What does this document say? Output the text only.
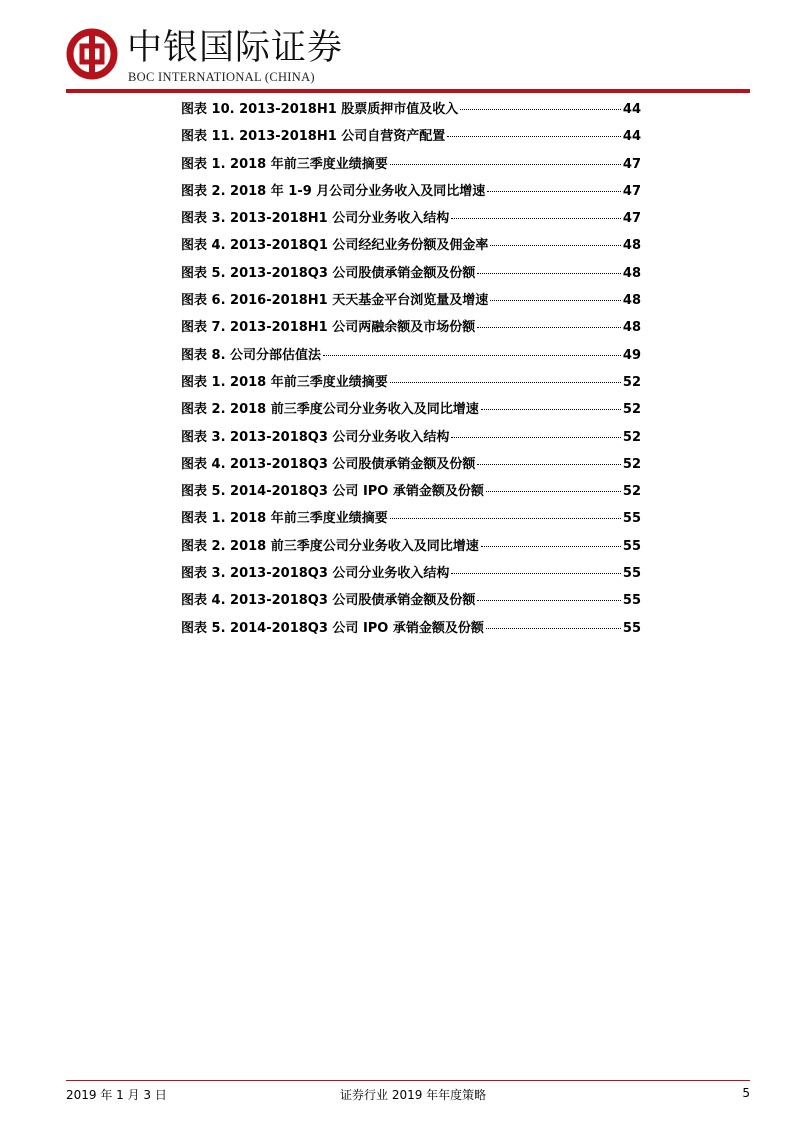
中银国际证券
BOC INTERNATIONAL (CHINA)
图表 10. 2013-2018H1 股票质押市值及收入	44
图表 11. 2013-2018H1 公司自营资产配置	44
图表 1. 2018 年前三季度业绩摘要	47
图表 2. 2018 年 1-9 月公司分业务收入及同比增速	47
图表 3. 2013-2018H1 公司分业务收入结构	47
图表 4. 2013-2018Q1 公司经纪业务份额及佣金率	48
图表 5. 2013-2018Q3 公司股债承销金额及份额	48
图表 6. 2016-2018H1 天天基金平台浏览量及增速	48
图表 7. 2013-2018H1 公司两融余额及市场份额	48
图表 8. 公司分部估值法	49
图表 1. 2018 年前三季度业绩摘要	52
图表 2. 2018 前三季度公司分业务收入及同比增速	52
图表 3. 2013-2018Q3 公司分业务收入结构	52
图表 4. 2013-2018Q3 公司股债承销金额及份额	52
图表 5. 2014-2018Q3 公司 IPO 承销金额及份额	52
图表 1. 2018 年前三季度业绩摘要	55
图表 2. 2018 前三季度公司分业务收入及同比增速	55
图表 3. 2013-2018Q3 公司分业务收入结构	55
图表 4. 2013-2018Q3 公司股债承销金额及份额	55
图表 5. 2014-2018Q3 公司 IPO 承销金额及份额	55
2019 年 1 月 3 日	证券行业 2019 年年度策略	5
